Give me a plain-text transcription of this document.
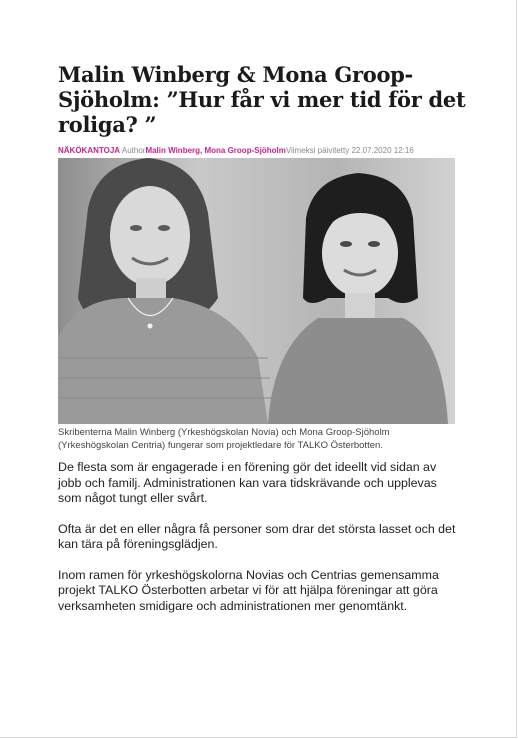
Malin Winberg & Mona Groop-Sjöholm: ”Hur får vi mer tid för det roliga? ”
NÄKÖKANTOJA AuthorMalin Winberg, Mona Groop-SjöholmViimeksi päivitetty 22.07.2020 12:16
Skribenterna Malin Winberg (Yrkeshögskolan Novia) och Mona Groop-Sjöholm (Yrkeshögskolan Centria) fungerar som projektledare för TALKO Österbotten.

De flesta som är engagerade i en förening gör det ideellt vid sidan av jobb och familj. Administrationen kan vara tidskrävande och upplevas som något tungt eller svårt.

Ofta är det en eller några få personer som drar det största lasset och det kan tära på föreningsglädjen.

Inom ramen för yrkeshögskolorna Novias och Centrias gemensamma projekt TALKO Österbotten arbetar vi för att hjälpa föreningar att göra verksamheten smidigare och administrationen mer genomtänkt.
